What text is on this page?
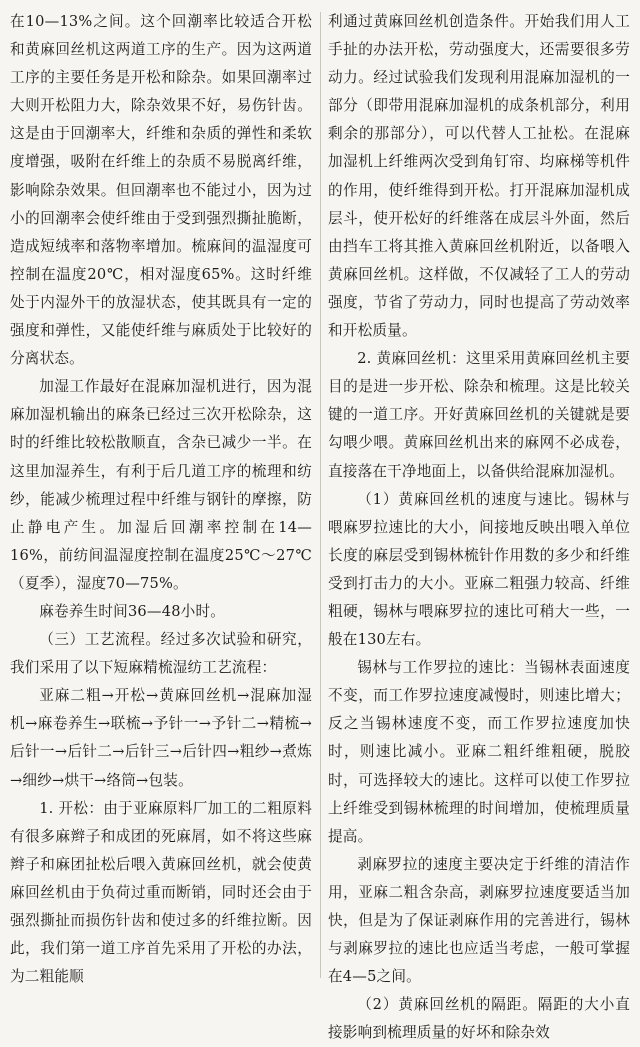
在10—13%之间。这个回潮率比较适合开松和黄麻回丝机这两道工序的生产。因为这两道工序的主要任务是开松和除杂。如果回潮率过大则开松阻力大，除杂效果不好，易伤针齿。这是由于回潮率大，纤维和杂质的弹性和柔软度增强，吸附在纤维上的杂质不易脱离纤维，影响除杂效果。但回潮率也不能过小，因为过小的回潮率会使纤维由于受到强烈撕扯脆断，造成短绒率和落物率增加。梳麻间的温湿度可控制在温度20℃，相对湿度65%。这时纤维处于内湿外干的放湿状态，使其既具有一定的强度和弹性，又能使纤维与麻质处于比较好的分离状态。

加湿工作最好在混麻加湿机进行，因为混麻加湿机输出的麻条已经过三次开松除杂，这时的纤维比较松散顺直，含杂已减少一半。在这里加湿养生，有利于后几道工序的梳理和纺纱，能减少梳理过程中纤维与钢针的摩擦，防止静电产生。加湿后回潮率控制在14—16%，前纺间温湿度控制在温度25℃～27℃（夏季），湿度70—75%。

麻卷养生时间36—48小时。

（三）工艺流程。经过多次试验和研究，我们采用了以下短麻精梳湿纺工艺流程：

亚麻二粗→开松→黄麻回丝机→混麻加湿机→麻卷养生→联梳→予针一→予针二→精梳→后针一→后针二→后针三→后针四→粗纱→煮炼→细纱→烘干→络筒→包装。

1. 开松：由于亚麻原料厂加工的二粗原料有很多麻辫子和成团的死麻屑，如不将这些麻辫子和麻团扯松后喂入黄麻回丝机，就会使黄麻回丝机由于负荷过重而断销，同时还会由于强烈撕扯而损伤针齿和使过多的纤维拉断。因此，我们第一道工序首先采用了开松的办法，为二粗能顺

利通过黄麻回丝机创造条件。开始我们用人工手扯的办法开松，劳动强度大，还需要很多劳动力。经过试验我们发现利用混麻加湿机的一部分（即带用混麻加湿机的成条机部分，利用剩余的那部分），可以代替人工扯松。在混麻加湿机上纤维两次受到角钉帘、均麻梯等机件的作用，使纤维得到开松。打开混麻加湿机成层斗，使开松好的纤维落在成层斗外面，然后由挡车工将其推入黄麻回丝机附近，以备喂入黄麻回丝机。这样做，不仅减轻了工人的劳动强度，节省了劳动力，同时也提高了劳动效率和开松质量。

2. 黄麻回丝机：这里采用黄麻回丝机主要目的是进一步开松、除杂和梳理。这是比较关键的一道工序。开好黄麻回丝机的关键就是要勾喂少喂。黄麻回丝机出来的麻网不必成卷，直接落在干净地面上，以备供给混麻加湿机。

（1）黄麻回丝机的速度与速比。锡林与喂麻罗拉速比的大小，间接地反映出喂入单位长度的麻层受到锡林梳针作用数的多少和纤维受到打击力的大小。亚麻二粗强力较高、纤维粗硬，锡林与喂麻罗拉的速比可稍大一些，一般在130左右。

锡林与工作罗拉的速比：当锡林表面速度不变，而工作罗拉速度减慢时，则速比增大；反之当锡林速度不变，而工作罗拉速度加快时，则速比减小。亚麻二粗纤维粗硬，脱胶时，可选择较大的速比。这样可以使工作罗拉上纤维受到锡林梳理的时间增加，使梳理质量提高。

剥麻罗拉的速度主要决定于纤维的清洁作用，亚麻二粗含杂高，剥麻罗拉速度要适当加快，但是为了保证剥麻作用的完善进行，锡林与剥麻罗拉的速比也应适当考虑，一般可掌握在4—5之间。

（2）黄麻回丝机的隔距。隔距的大小直接影响到梳理质量的好坏和除杂效
